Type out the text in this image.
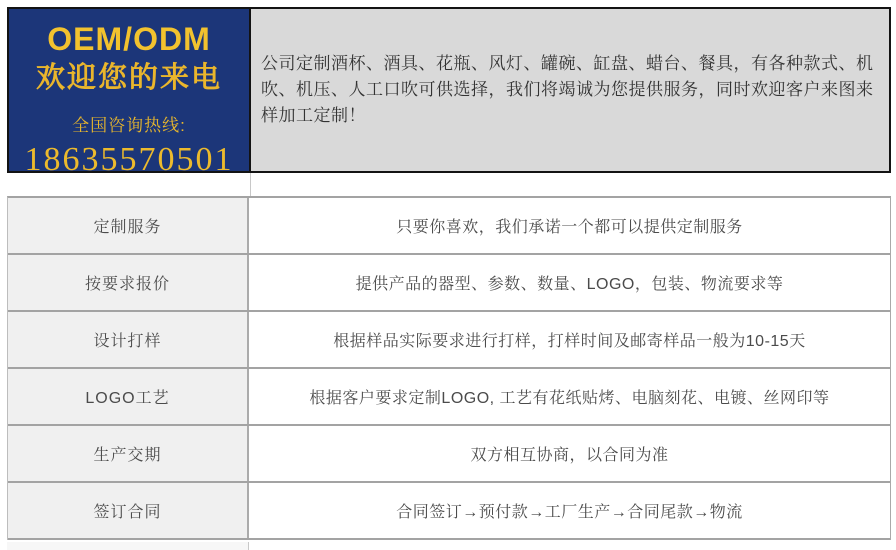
OEM/ODM
欢迎您的来电
全国咨询热线:
18635570501

公司定制酒杯、酒具、花瓶、风灯、罐碗、缸盘、蜡台、餐具，有各种款式、机吹、机压、人工口吹可供选择，我们将竭诚为您提供服务，同时欢迎客户来图来样加工定制！

定制服务	只要你喜欢，我们承诺一个都可以提供定制服务
按要求报价	提供产品的器型、参数、数量、LOGO，包装、物流要求等
设计打样	根据样品实际要求进行打样，打样时间及邮寄样品一般为10-15天
LOGO工艺	根据客户要求定制LOGO, 工艺有花纸贴烤、电脑刻花、电镀、丝网印等
生产交期	双方相互协商，以合同为准
签订合同	合同签订→预付款→工厂生产→合同尾款→物流
